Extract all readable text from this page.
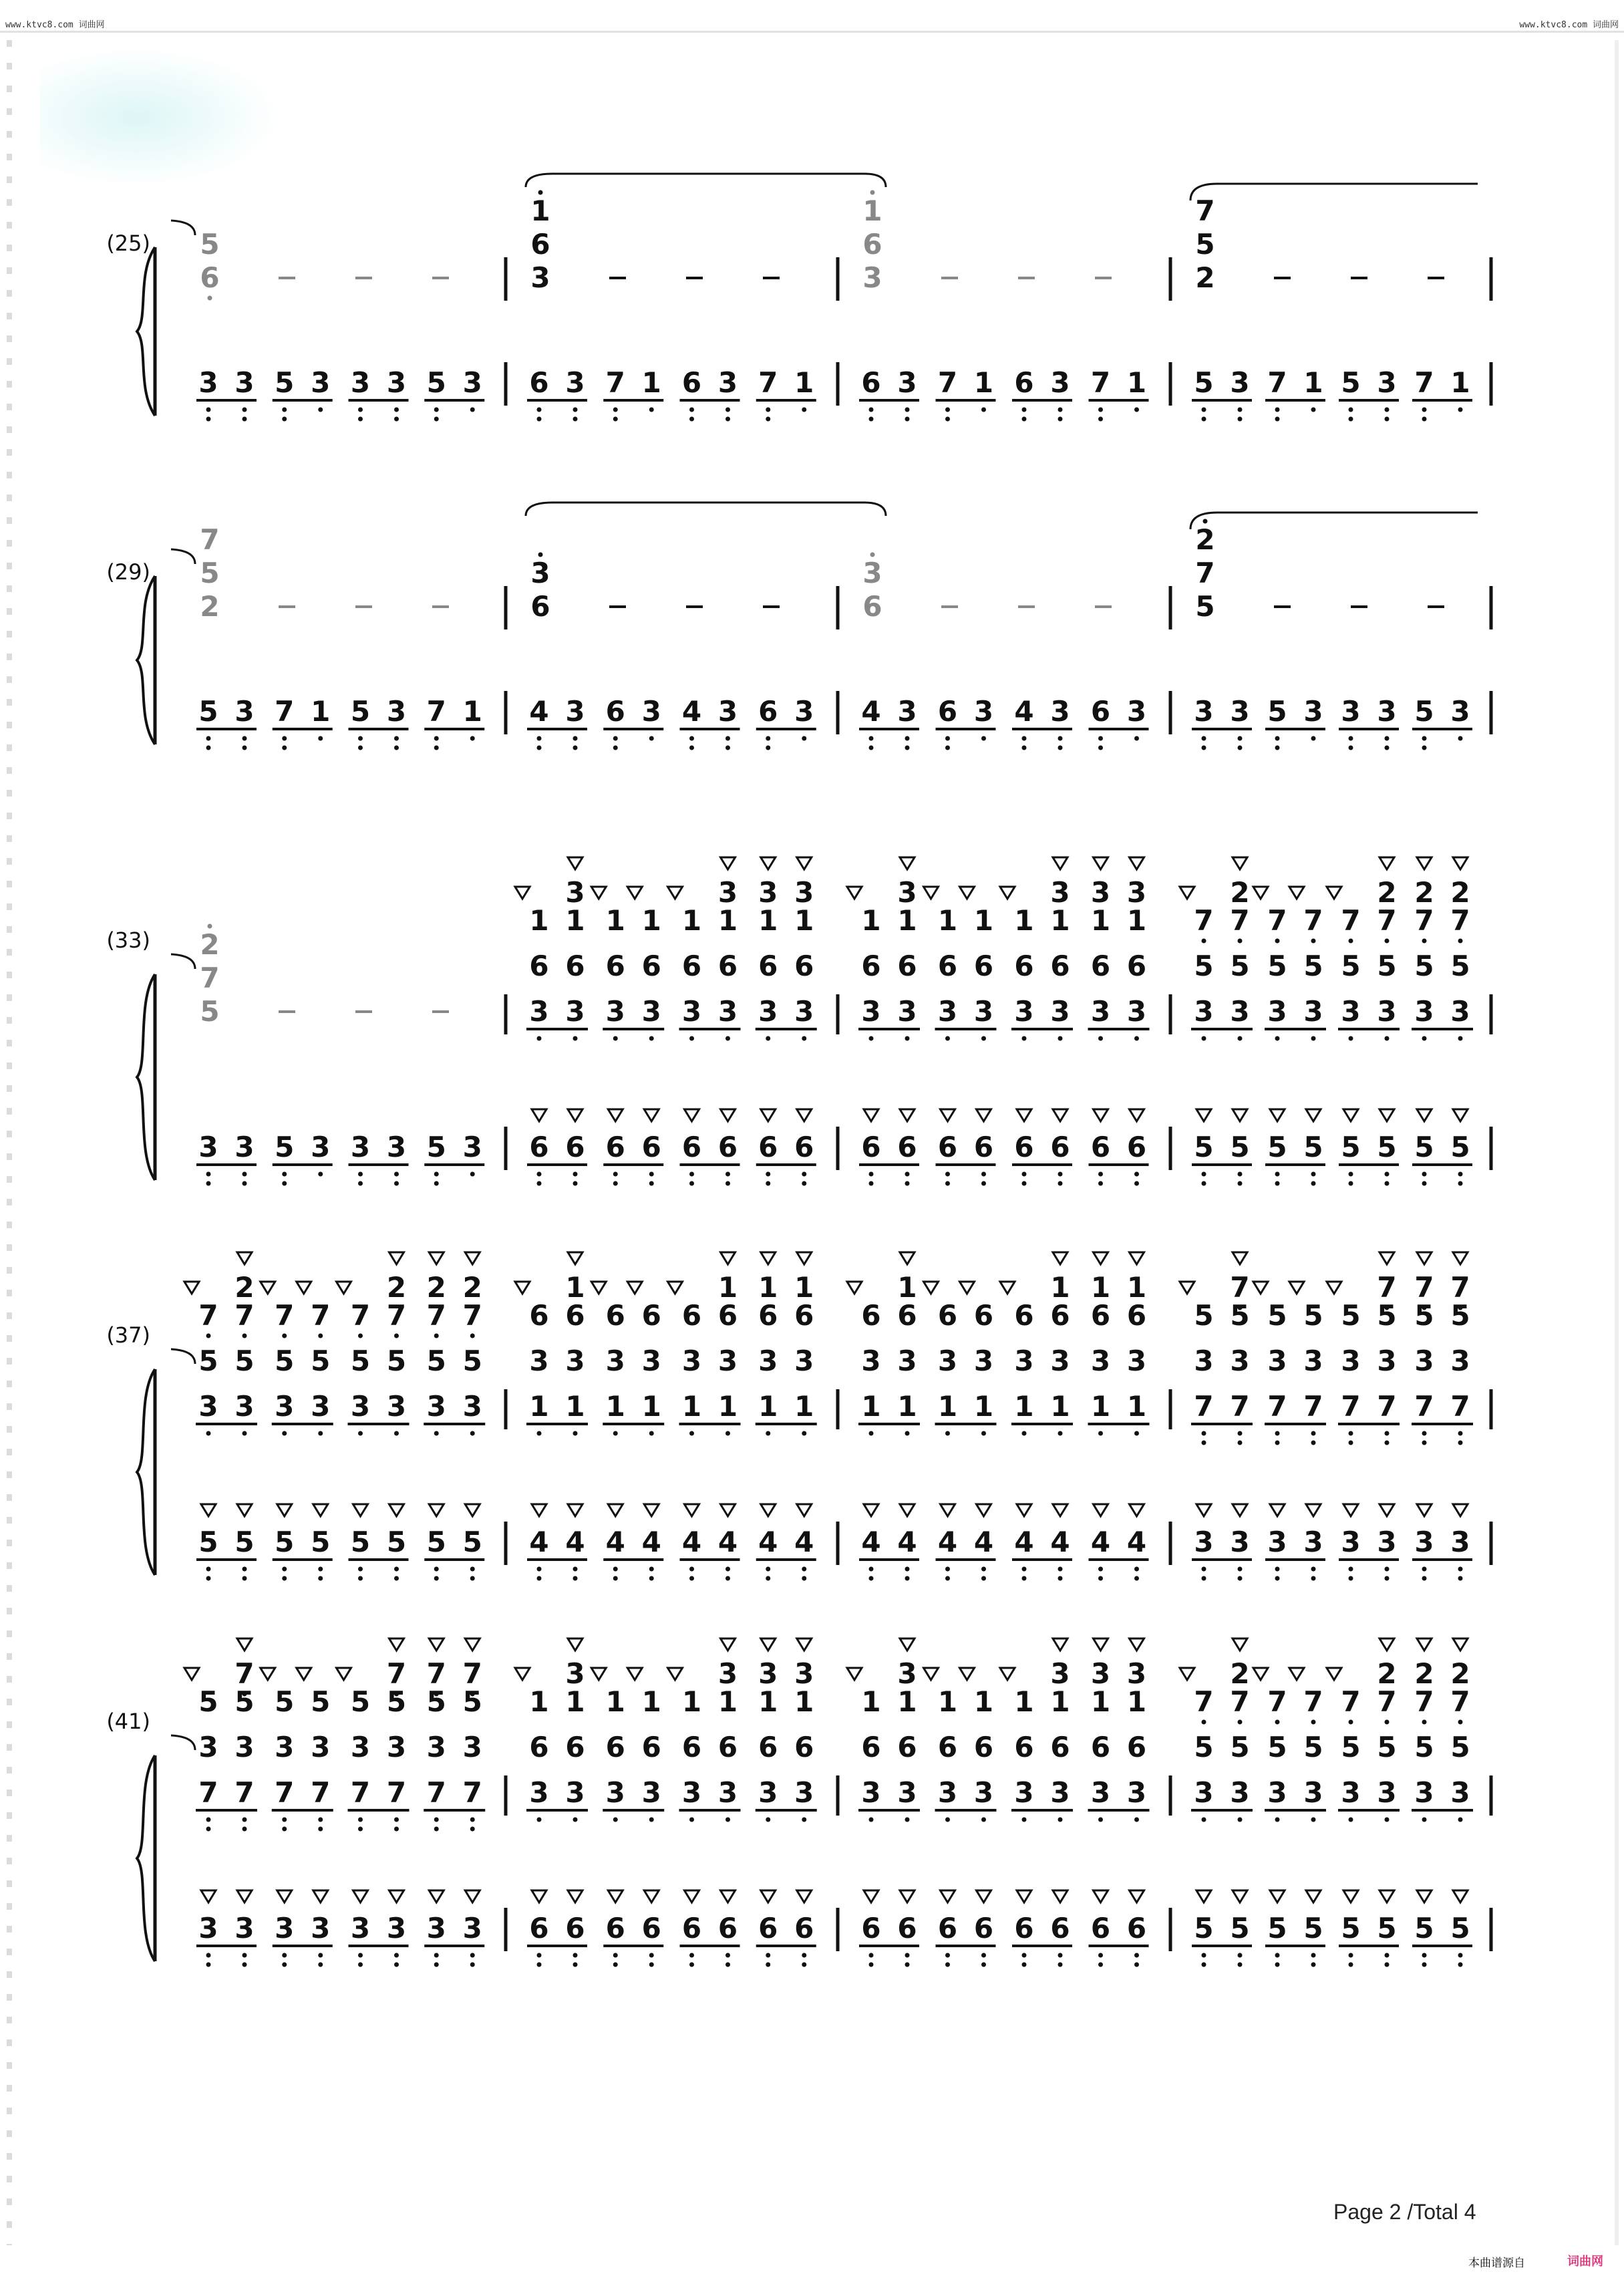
www.ktvc8.com 词曲网	www.ktvc8.com 词曲网
(25) 5
6
1
6
3
1
6
3
7
5
2
3 3 5 3 3 3 5 3 6 3 7 1 6 3 7 1 6 3 7 1 6 3 7 1 5 3 7 1 5 3 7 1
(29)
7
5
2
3
6
3
6
2
7
5
5 3 7 1 5 3 7 1 4 3 6 3 4 3 6 3 4 3 6 3 4 3 6 3 3 3 5 3 3 3 5 3
(33) 2
7
5
1
6
3
3
1
6
3
1
6
3
1
6
3
1
6
3
3
1
6
3
3
1
6
3
3
1
6
3
1
6
3
3
1
6
3
1
6
3
1
6
3
1
6
3
3
1
6
3
3
1
6
3
3
1
6
3
7
5
3
2
7
5
3
7
5
3
7
5
3
7
5
3
2
7
5
3
2
7
5
3
2
7
5
3
3 3 5 3 3 3 5 3 6 6 6 6 6 6 6 6 6 6 6 6 6 6 6 6 5 5 5 5 5 5 5 5
(37)
7
5
3
2
7
5
3
7
5
3
7
5
3
7
5
3
2
7
5
3
2
7
5
3
2
7
5
3
6
3
1
1
6
3
1
6
3
1
6
3
1
6
3
1
1
6
3
1
1
6
3
1
1
6
3
1
6
3
1
1
6
3
1
6
3
1
6
3
1
6
3
1
1
6
3
1
1
6
3
1
1
6
3
1
5
3
7
7
5
3
7
5
3
7
5
3
7
5
3
7
7
5
3
7
7
5
3
7
7
5
3
7
5 5 5 5 5 5 5 5 4 4 4 4 4 4 4 4 4 4 4 4 4 4 4 4 3 3 3 3 3 3 3 3
(41)
5
3
7
7
5
3
7
5
3
7
5
3
7
5
3
7
7
5
3
7
7
5
3
7
7
5
3
7
1
6
3
3
1
6
3
1
6
3
1
6
3
1
6
3
3
1
6
3
3
1
6
3
3
1
6
3
1
6
3
3
1
6
3
1
6
3
1
6
3
1
6
3
3
1
6
3
3
1
6
3
3
1
6
3
7
5
3
2
7
5
3
7
5
3
7
5
3
7
5
3
2
7
5
3
2
7
5
3
2
7
5
3
3 3 3 3 3 3 3 3 6 6 6 6 6 6 6 6 6 6 6 6 6 6 6 6 5 5 5 5 5 5 5 5
Page 2 /Total 4
本曲谱源自	词曲网
